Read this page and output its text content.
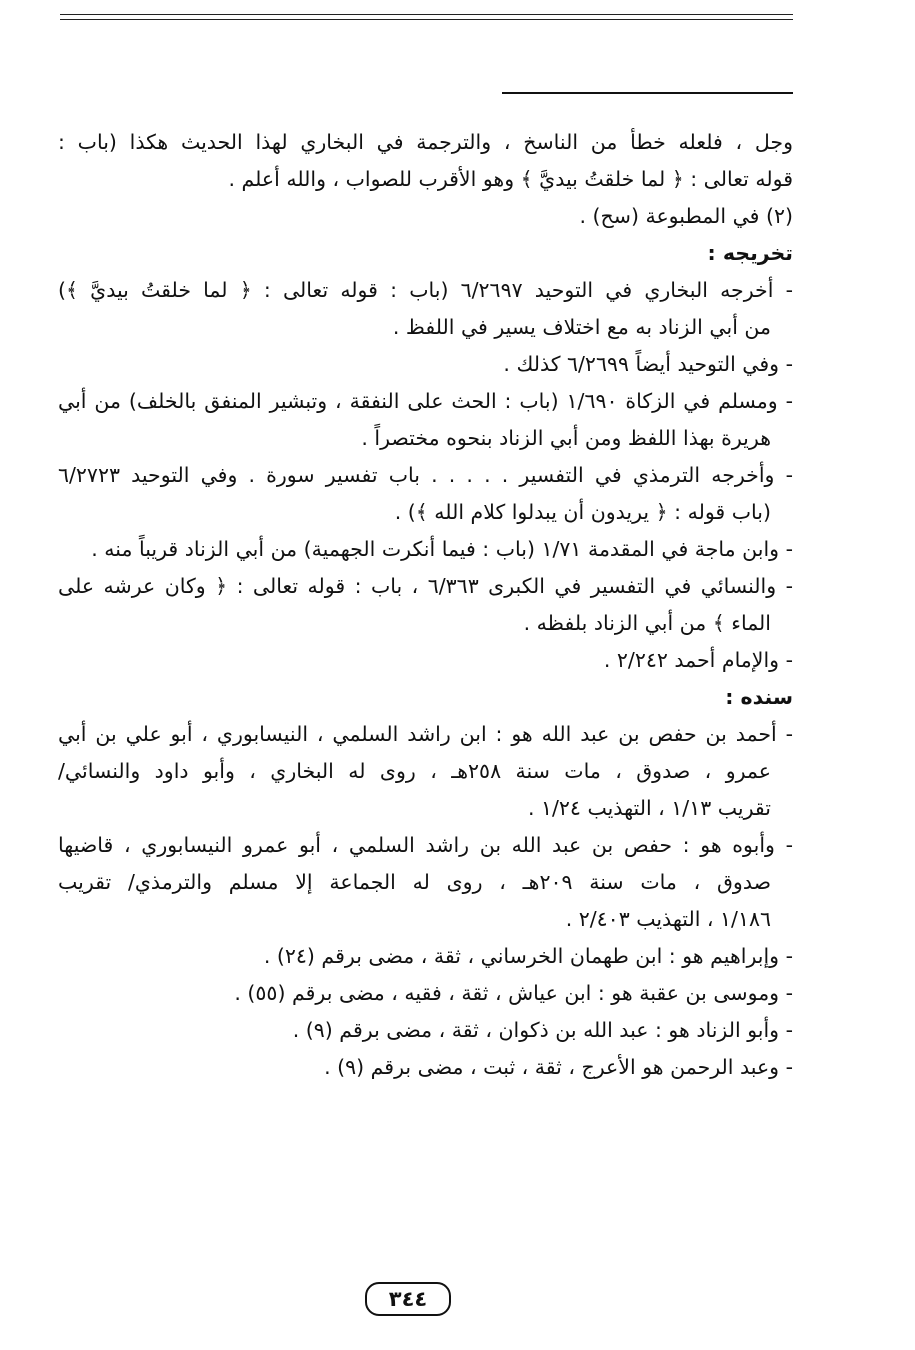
وجل ، فلعله خطأ من الناسخ ، والترجمة في البخاري لهذا الحديث هكذا (باب :
قوله تعالى : ﴿ لما خلقتُ بيديَّ ﴾ وهو الأقرب للصواب ، والله أعلم .
(٢) في المطبوعة (سح) .
تخريجه :
- أخرجه البخاري في التوحيد ٦/٢٦٩٧ (باب : قوله تعالى : ﴿ لما خلقتُ بيديَّ ﴾)
من أبي الزناد به مع اختلاف يسير في اللفظ .
- وفي التوحيد أيضاً ٦/٢٦٩٩ كذلك .
- ومسلم في الزكاة ١/٦٩٠ (باب : الحث على النفقة ، وتبشير المنفق بالخلف) من أبي
هريرة بهذا اللفظ ومن أبي الزناد بنحوه مختصراً .
- وأخرجه الترمذي في التفسير . . . . . باب تفسير سورة . وفي التوحيد ٦/٢٧٢٣
(باب قوله : ﴿ يريدون أن يبدلوا كلام الله ﴾) .
- وابن ماجة في المقدمة ١/٧١ (باب : فيما أنكرت الجهمية) من أبي الزناد قريباً منه .
- والنسائي في التفسير في الكبرى ٦/٣٦٣ ، باب : قوله تعالى : ﴿ وكان عرشه على
الماء ﴾ من أبي الزناد بلفظه .
- والإمام أحمد ٢/٢٤٢ .
سنده :
- أحمد بن حفص بن عبد الله هو : ابن راشد السلمي ، النيسابوري ، أبو علي بن أبي
عمرو ، صدوق ، مات سنة ٢٥٨هـ ، روى له البخاري ، وأبو داود والنسائي/
تقريب ١/١٣ ، التهذيب ١/٢٤ .
- وأبوه هو : حفص بن عبد الله بن راشد السلمي ، أبو عمرو النيسابوري ، قاضيها
صدوق ، مات سنة ٢٠٩هـ ، روى له الجماعة إلا مسلم والترمذي/ تقريب
١/١٨٦ ، التهذيب ٢/٤٠٣ .
- وإبراهيم هو : ابن طهمان الخرساني ، ثقة ، مضى برقم (٢٤) .
- وموسى بن عقبة هو : ابن عياش ، ثقة ، فقيه ، مضى برقم (٥٥) .
- وأبو الزناد هو : عبد الله بن ذكوان ، ثقة ، مضى برقم (٩) .
- وعبد الرحمن هو الأعرج ، ثقة ، ثبت ، مضى برقم (٩) .
٣٤٤
